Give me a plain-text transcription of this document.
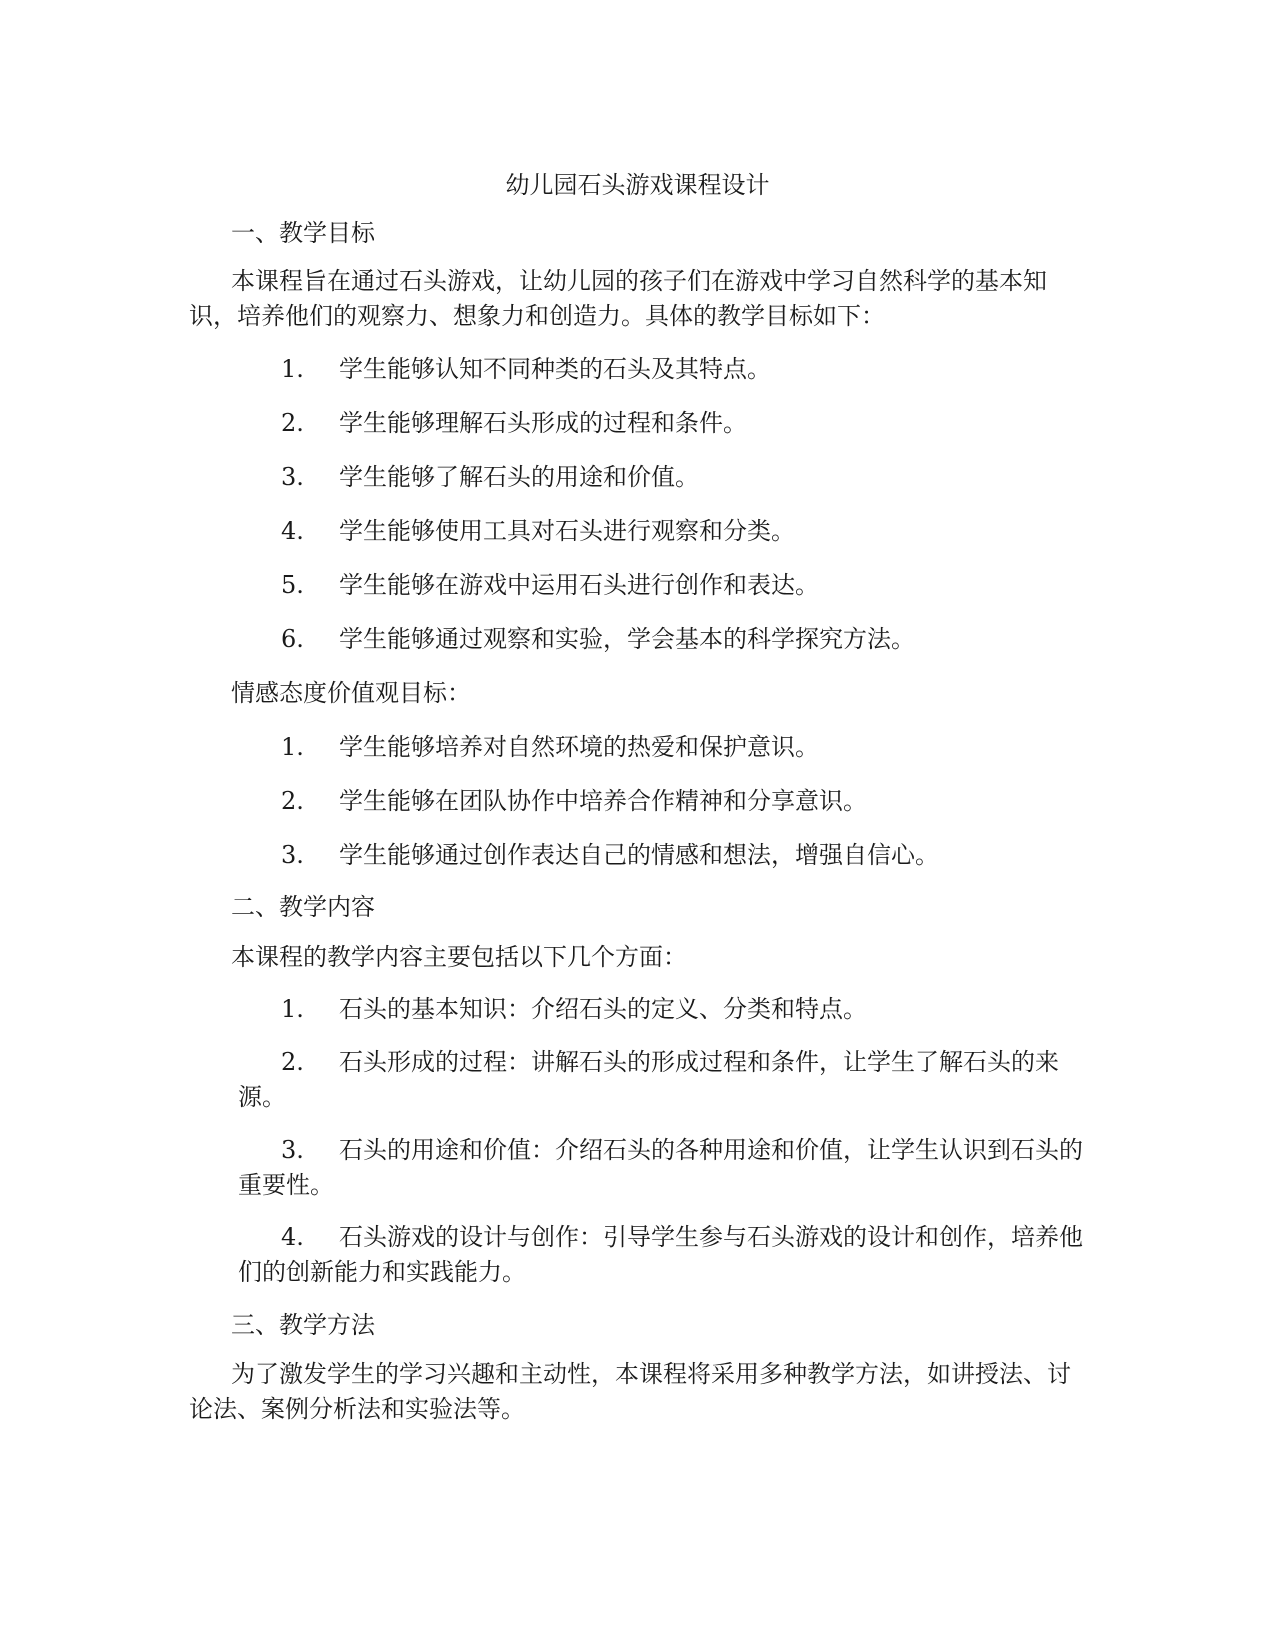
幼儿园石头游戏课程设计
一、教学目标
本课程旨在通过石头游戏，让幼儿园的孩子们在游戏中学习自然科学的基本知识，培养他们的观察力、想象力和创造力。具体的教学目标如下：
1. 学生能够认知不同种类的石头及其特点。
2. 学生能够理解石头形成的过程和条件。
3. 学生能够了解石头的用途和价值。
4. 学生能够使用工具对石头进行观察和分类。
5. 学生能够在游戏中运用石头进行创作和表达。
6. 学生能够通过观察和实验，学会基本的科学探究方法。
情感态度价值观目标：
1. 学生能够培养对自然环境的热爱和保护意识。
2. 学生能够在团队协作中培养合作精神和分享意识。
3. 学生能够通过创作表达自己的情感和想法，增强自信心。
二、教学内容
本课程的教学内容主要包括以下几个方面：
1. 石头的基本知识：介绍石头的定义、分类和特点。
2. 石头形成的过程：讲解石头的形成过程和条件，让学生了解石头的来源。
3. 石头的用途和价值：介绍石头的各种用途和价值，让学生认识到石头的重要性。
4. 石头游戏的设计与创作：引导学生参与石头游戏的设计和创作，培养他们的创新能力和实践能力。
三、教学方法
为了激发学生的学习兴趣和主动性，本课程将采用多种教学方法，如讲授法、讨论法、案例分析法和实验法等。
